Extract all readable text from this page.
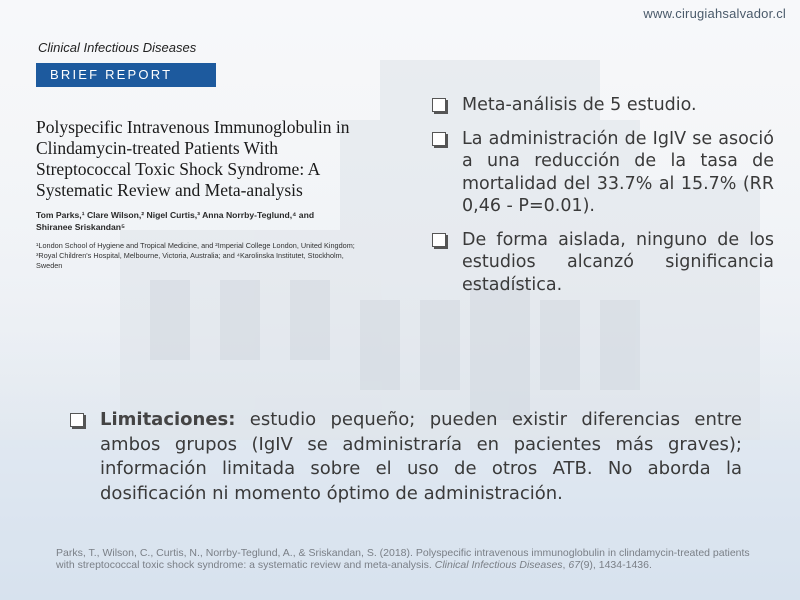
www.cirugiahsalvador.cl
Clinical Infectious Diseases
BRIEF REPORT
Polyspecific Intravenous Immunoglobulin in Clindamycin-treated Patients With Streptococcal Toxic Shock Syndrome: A Systematic Review and Meta-analysis
Tom Parks,¹ Clare Wilson,² Nigel Curtis,³ Anna Norrby-Teglund,⁴ and Shiranee Sriskandan⁵
¹London School of Hygiene and Tropical Medicine, and ²Imperial College London, United Kingdom; ³Royal Children's Hospital, Melbourne, Victoria, Australia; and ⁴Karolinska Institutet, Stockholm, Sweden
Meta-análisis de 5 estudio.
La administración de IgIV se asoció a una reducción de la tasa de mortalidad del 33.7% al 15.7% (RR 0,46 - P=0.01).
De forma aislada, ninguno de los estudios alcanzó significancia estadística.
Limitaciones: estudio pequeño; pueden existir diferencias entre ambos grupos (IgIV se administraría en pacientes más graves); información limitada sobre el uso de otros ATB. No aborda la dosificación ni momento óptimo de administración.
Parks, T., Wilson, C., Curtis, N., Norrby-Teglund, A., & Sriskandan, S. (2018). Polyspecific intravenous immunoglobulin in clindamycin-treated patients with streptococcal toxic shock syndrome: a systematic review and meta-analysis. Clinical Infectious Diseases, 67(9), 1434-1436.
